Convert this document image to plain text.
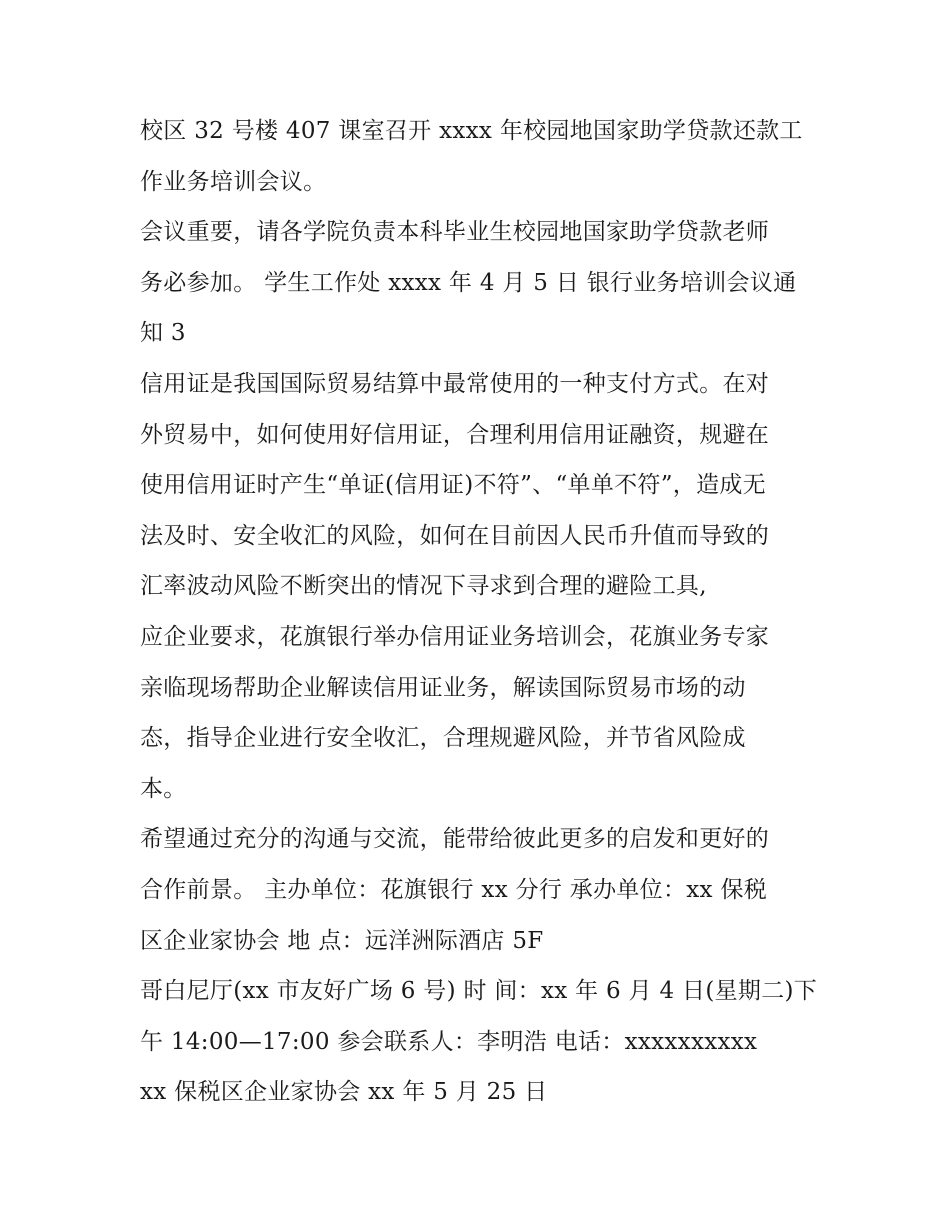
校区 32 号楼 407 课室召开 xxxx 年校园地国家助学贷款还款工
作业务培训会议。
会议重要，请各学院负责本科毕业生校园地国家助学贷款老师
务必参加。 学生工作处 xxxx 年 4 月 5 日 银行业务培训会议通
知 3
信用证是我国国际贸易结算中最常使用的一种支付方式。在对
外贸易中，如何使用好信用证，合理利用信用证融资，规避在
使用信用证时产生“单证(信用证)不符”、“单单不符”，造成无
法及时、安全收汇的风险，如何在目前因人民币升值而导致的
汇率波动风险不断突出的情况下寻求到合理的避险工具,
应企业要求，花旗银行举办信用证业务培训会，花旗业务专家
亲临现场帮助企业解读信用证业务，解读国际贸易市场的动
态，指导企业进行安全收汇，合理规避风险，并节省风险成
本。
希望通过充分的沟通与交流，能带给彼此更多的启发和更好的
合作前景。 主办单位：花旗银行 xx 分行 承办单位：xx 保税
区企业家协会 地 点：远洋洲际酒店 5F
哥白尼厅(xx 市友好广场 6 号) 时 间：xx 年 6 月 4 日(星期二)下
午 14:00—17:00 参会联系人：李明浩 电话：xxxxxxxxxx
xx 保税区企业家协会 xx 年 5 月 25 日
